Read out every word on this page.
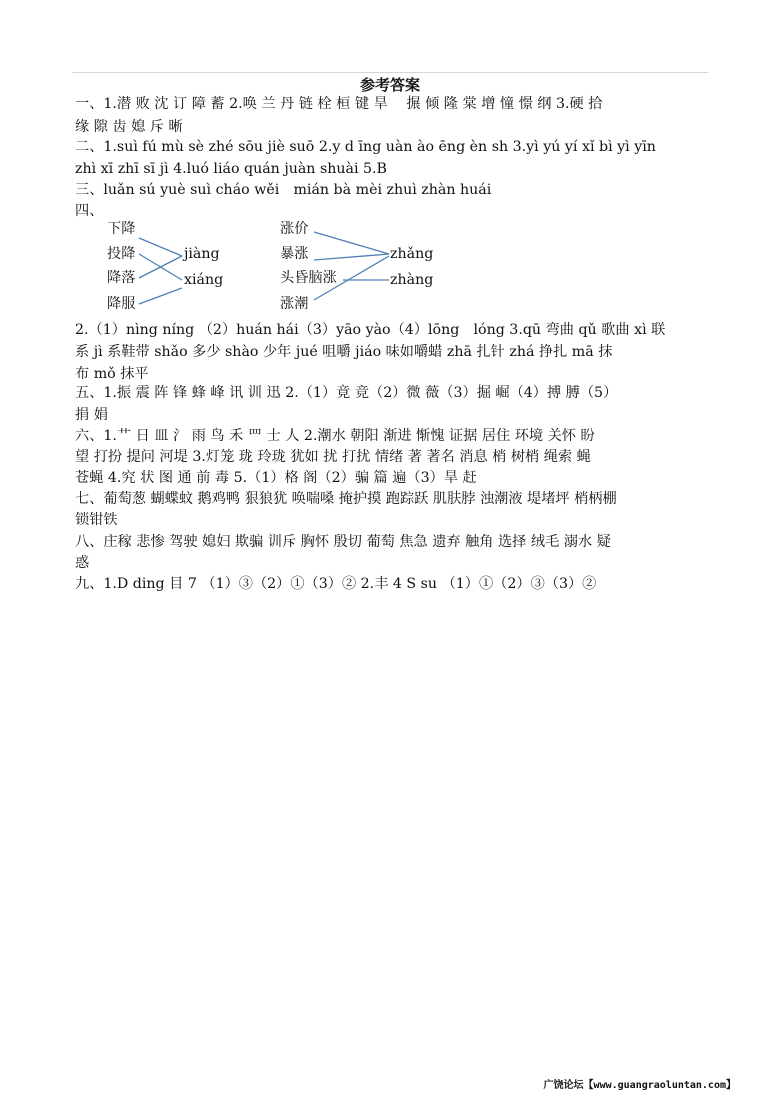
参考答案
一、1.潜 败 沈 订 障 蓄 2.唤 兰 丹 链 栓 桓 键 旱　 搌 倾 隆 棠 增 憧 憬 纲 3.硬 拾
缘 隙 齿 媳 斥 晰
二、1.suì fú mù sè zhé sōu jiè suō 2.y d īng uàn ào ēng èn sh 3.yì yú yí xǐ bì yì yīn
zhì xī zhī sī jì 4.luó liáo quán juàn shuài 5.B
三、luǎn sú yuè suì cháo wěi　mián bà mèi zhuì zhàn huái
四、
下降
投降
降落
降服
jiàng
xiáng
涨价
暴涨
头昏脑涨
涨潮
zhǎng
zhàng
2.（1）nìng níng （2）huán hái（3）yāo yào（4）lōng　lóng 3.qū 弯曲 qǔ 歌曲 xì 联
系 jì 系鞋带 shǎo 多少 shào 少年 jué 咀嚼 jiáo 味如嚼蜡 zhā 扎针 zhá 挣扎 mā 抹
布 mǒ 抹平
五、1.振 震 阵 锋 蜂 峰 讯 训 迅 2.（1）竟 竞（2）微 薇（3）掘 崛（4）搏 膊（5）
捐 娟
六、1.艹 日 皿 氵 雨 鸟 禾 罒 士 人 2.潮水 朝阳 渐进 惭愧 证据 居住 环境 关怀 盼
望 打扮 提问 河堤 3.灯笼 珑 玲珑 犹如 扰 打扰 情绪 著 著名 消息 梢 树梢 绳索 蝇
苍蝇 4.究 状 图 通 前 毒 5.（1）格 阁（2）骗 篇 遍（3）旱 赶
七、葡萄葱 蝴蝶蚊 鹅鸡鸭 狠狼犹 唤喘嗓 掩护摸 跑踪跃 肌肤脖 浊潮液 堤堵坪 梢柄棚
锁钳铁
八、庄稼 悲惨 驾驶 媳妇 欺骗 训斥 胸怀 殷切 葡萄 焦急 遗弃 触角 选择 绒毛 溺水 疑
惑
九、1.D ding 目 7 （1）③（2）①（3）② 2.丰 4 S su （1）①（2）③（3）②
广饶论坛【www.guangraoluntan.com】
